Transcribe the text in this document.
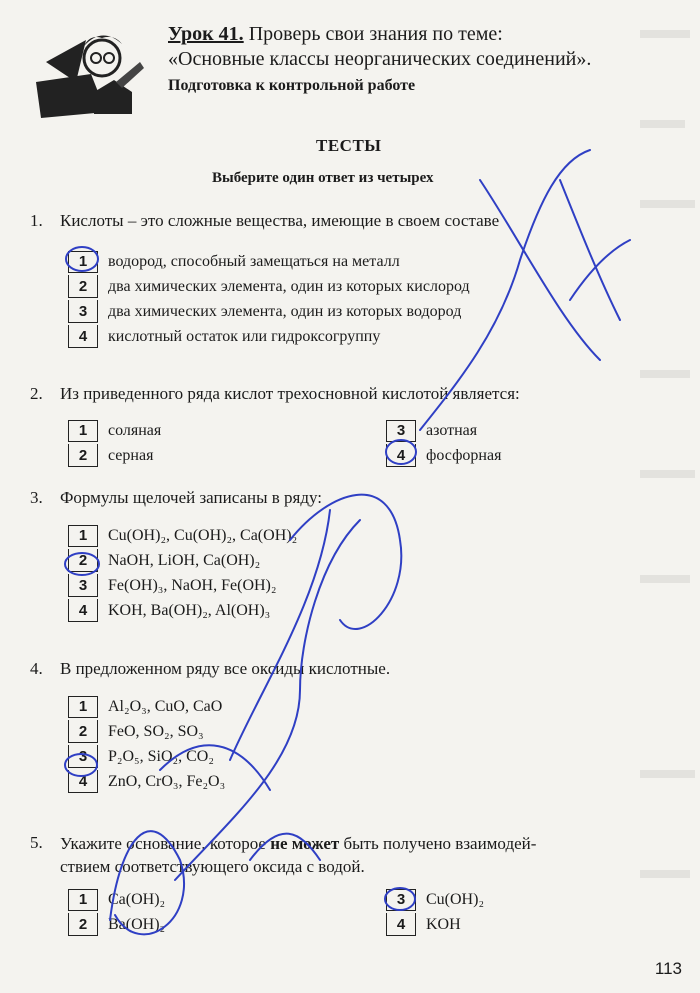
Урок 41. Проверь свои знания по теме:
«Основные классы неорганических соединений».
Подготовка к контрольной работе
ТЕСТЫ
Выберите один ответ из четырех
1. Кислоты – это сложные вещества, имеющие в своем составе
1	водород, способный замещаться на металл
2	два химических элемента, один из которых кислород
3	два химических элемента, один из которых водород
4	кислотный остаток или гидроксогруппу
2. Из приведенного ряда кислот трехосновной кислотой является:
1	соляная
2	серная
3	азотная
4	фосфорная
3. Формулы щелочей записаны в ряду:
1	Cu(OH)₂, Cu(OH)₂, Ca(OH)₂
2	NaOH, LiOH, Ca(OH)₂
3	Fe(OH)₃, NaOH, Fe(OH)₂
4	KOH, Ba(OH)₂, Al(OH)₃
4. В предложенном ряду все оксиды кислотные.
1	Al₂O₃, CuO, CaO
2	FeO, SO₂, SO₃
3	P₂O₅, SiO₂, CO₂
4	ZnO, CrO₃, Fe₂O₃
5.	Укажите основание, которое не может быть получено взаимодей-
ствием соответствующего оксида с водой.
1	Ca(OH)₂
2	Ba(OH)₂
3	Cu(OH)₂
4	KOH
113
